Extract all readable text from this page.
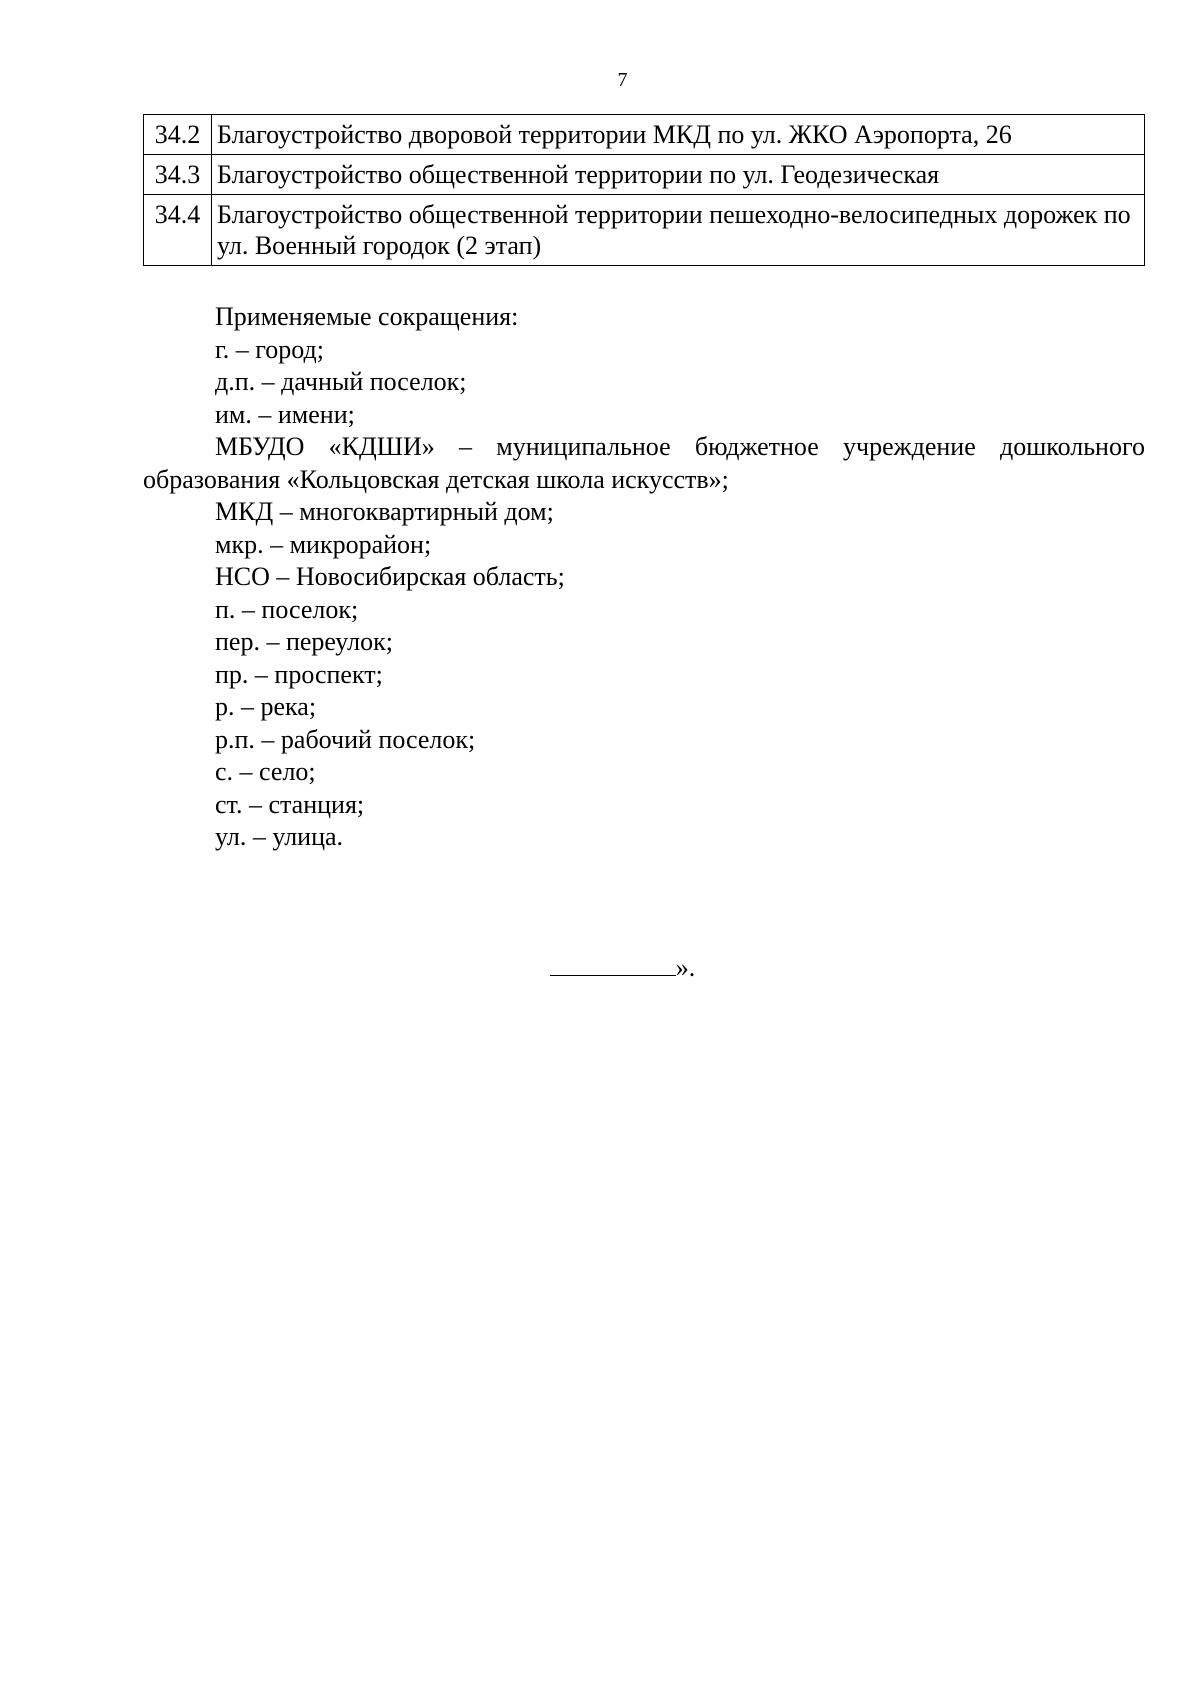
7
34.2	Благоустройство дворовой территории МКД по ул. ЖКО Аэропорта, 26
34.3	Благоустройство общественной территории по ул. Геодезическая
34.4	Благоустройство общественной территории пешеходно-велосипедных дорожек по ул. Военный городок (2 этап)

Применяемые сокращения:

г. – город;

д.п. – дачный поселок;

им. – имени;

МБУДО «КДШИ» – муниципальное бюджетное учреждение дошкольного образования «Кольцовская детская школа искусств»;

МКД – многоквартирный дом;

мкр. – микрорайон;

НСО – Новосибирская область;

п. – поселок;

пер. – переулок;

пр. – проспект;

р. – река;

р.п. – рабочий поселок;

с. – село;

ст. – станция;

ул. – улица.

».
